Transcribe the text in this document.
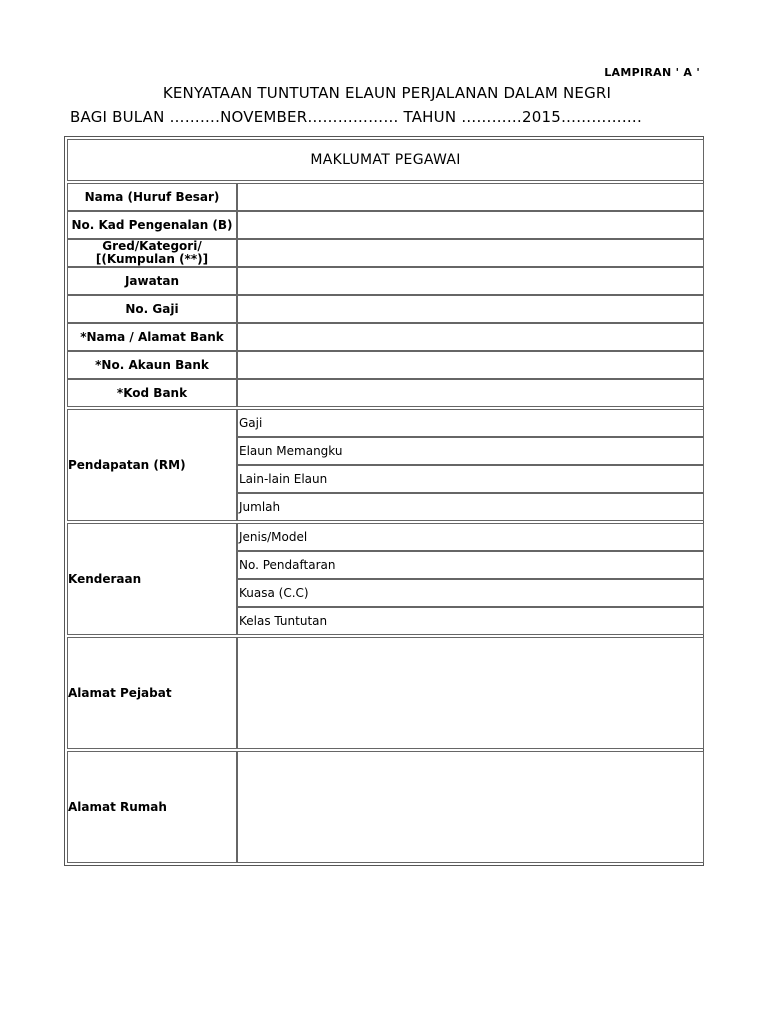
LAMPIRAN ' A '
KENYATAAN TUNTUTAN ELAUN PERJALANAN DALAM NEGRI
BAGI BULAN ……….NOVEMBER……………… TAHUN …………2015…………….
MAKLUMAT PEGAWAI	

Nama (Huruf Besar)	
No. Kad Pengenalan (B)	
Gred/Kategori/ [(Kumpulan (**)]	
Jawatan	
No. Gaji	
*Nama / Alamat Bank	
*No. Akaun Bank	
*Kod Bank	

Pendapatan (RM)	Gaji
	Elaun Memangku
	Lain-lain Elaun
	Jumlah

Kenderaan	Jenis/Model
	No. Pendaftaran
	Kuasa (C.C)
	Kelas Tuntutan

Alamat Pejabat	

Alamat Rumah	
